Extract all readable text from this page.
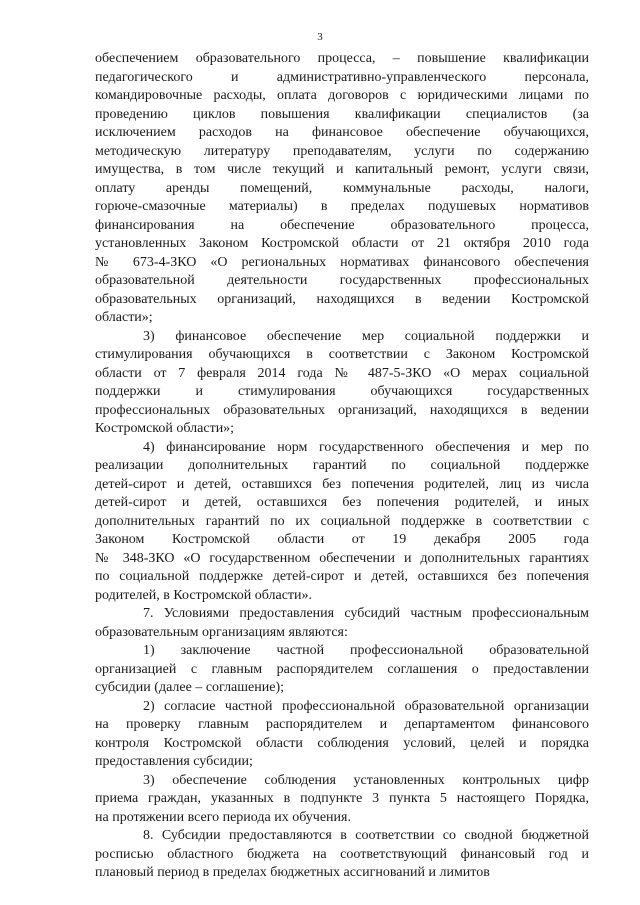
3
обеспечением образовательного процесса, – повышение квалификации
педагогического и административно-управленческого персонала,
командировочные расходы, оплата договоров с юридическими лицами по
проведению циклов повышения квалификации специалистов (за
исключением расходов на финансовое обеспечение обучающихся,
методическую литературу преподавателям, услуги по содержанию
имущества, в том числе текущий и капитальный ремонт, услуги связи,
оплату аренды помещений, коммунальные расходы, налоги,
горюче-смазочные материалы) в пределах подушевых нормативов
финансирования на обеспечение образовательного процесса,
установленных Законом Костромской области от 21 октября 2010 года
№ 673-4-ЗКО «О региональных нормативах финансового обеспечения
образовательной деятельности государственных профессиональных
образовательных организаций, находящихся в ведении Костромской
области»;
3) финансовое обеспечение мер социальной поддержки и
стимулирования обучающихся в соответствии с Законом Костромской
области от 7 февраля 2014 года № 487-5-ЗКО «О мерах социальной
поддержки и стимулирования обучающихся государственных
профессиональных образовательных организаций, находящихся в ведении
Костромской области»;
4) финансирование норм государственного обеспечения и мер по
реализации дополнительных гарантий по социальной поддержке
детей-сирот и детей, оставшихся без попечения родителей, лиц из числа
детей-сирот и детей, оставшихся без попечения родителей, и иных
дополнительных гарантий по их социальной поддержке в соответствии с
Законом Костромской области от 19 декабря 2005 года
№ 348-ЗКО «О государственном обеспечении и дополнительных гарантиях
по социальной поддержке детей-сирот и детей, оставшихся без попечения
родителей, в Костромской области».
7. Условиями предоставления субсидий частным профессиональным
образовательным организациям являются:
1) заключение частной профессиональной образовательной
организацией с главным распорядителем соглашения о предоставлении
субсидии (далее – соглашение);
2) согласие частной профессиональной образовательной организации
на проверку главным распорядителем и департаментом финансового
контроля Костромской области соблюдения условий, целей и порядка
предоставления субсидии;
3) обеспечение соблюдения установленных контрольных цифр
приема граждан, указанных в подпункте 3 пункта 5 настоящего Порядка,
на протяжении всего периода их обучения.
8. Субсидии предоставляются в соответствии со сводной бюджетной
росписью областного бюджета на соответствующий финансовый год и
плановый период в пределах бюджетных ассигнований и лимитов
